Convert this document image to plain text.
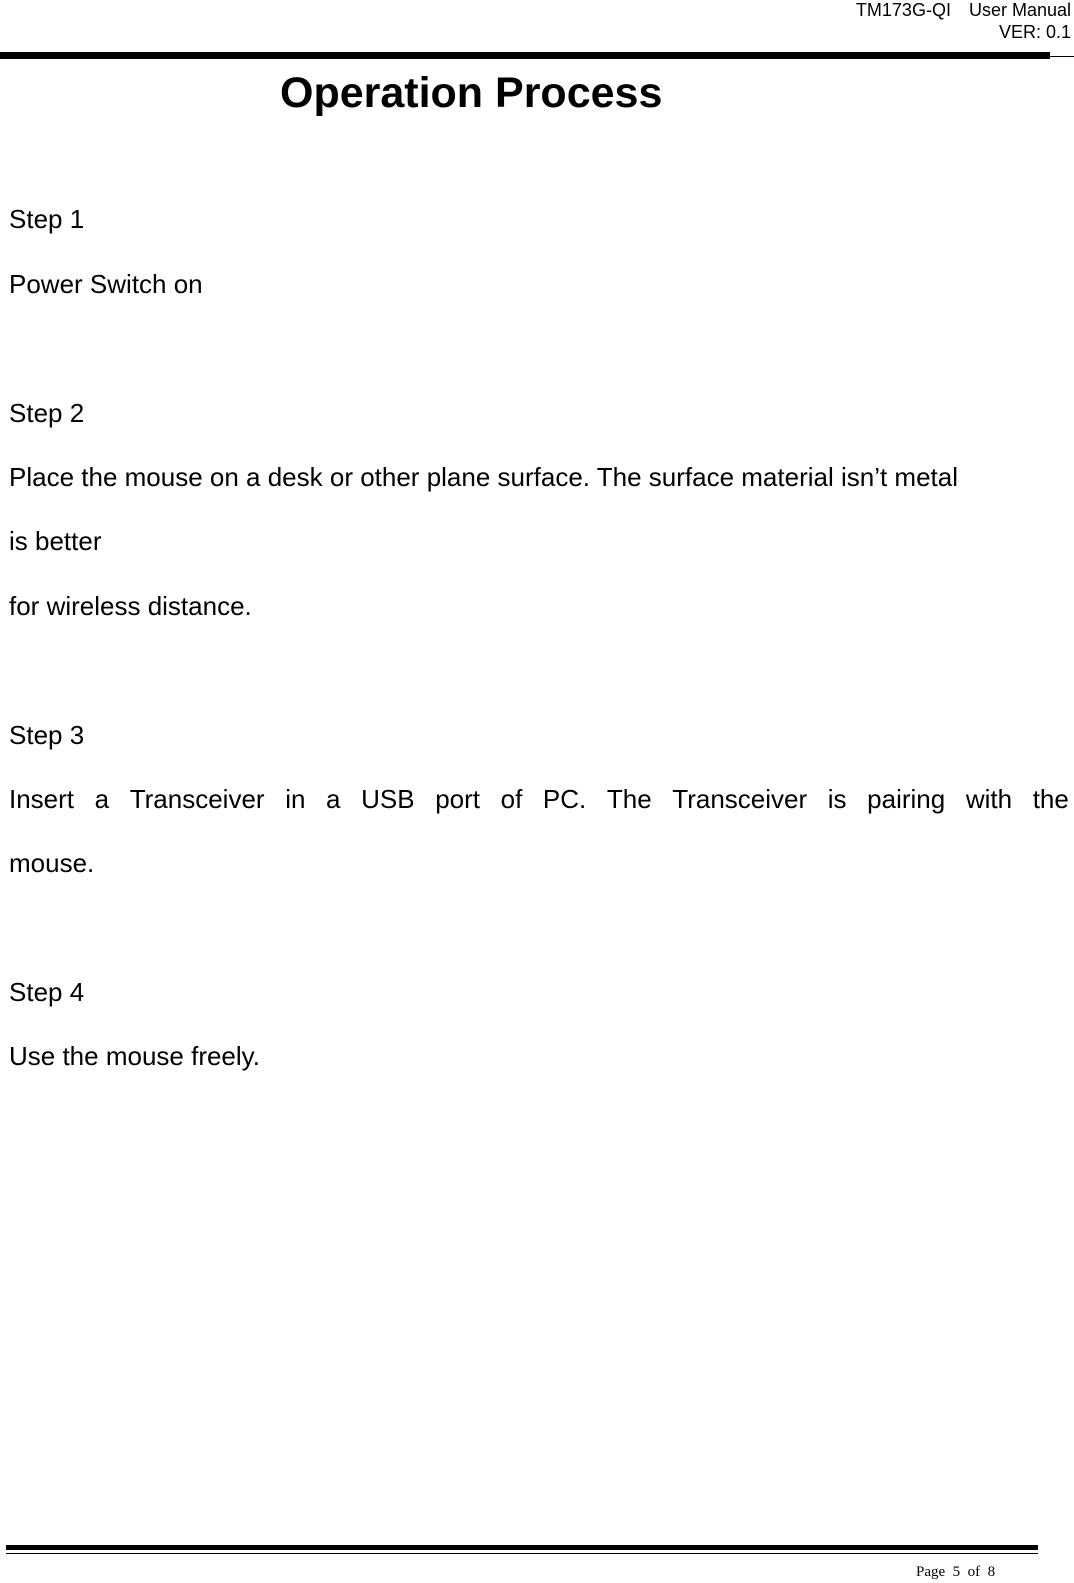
TM173G-QI User Manual
VER: 0.1
Operation Process
Step 1
Power Switch on
Step 2
Place the mouse on a desk or other plane surface. The surface material isn’t metal
is better
for wireless distance.
Step 3
Insert a Transceiver in a USB port of PC. The Transceiver is pairing with the
mouse.
Step 4
Use the mouse freely.
Page  5  of  8
